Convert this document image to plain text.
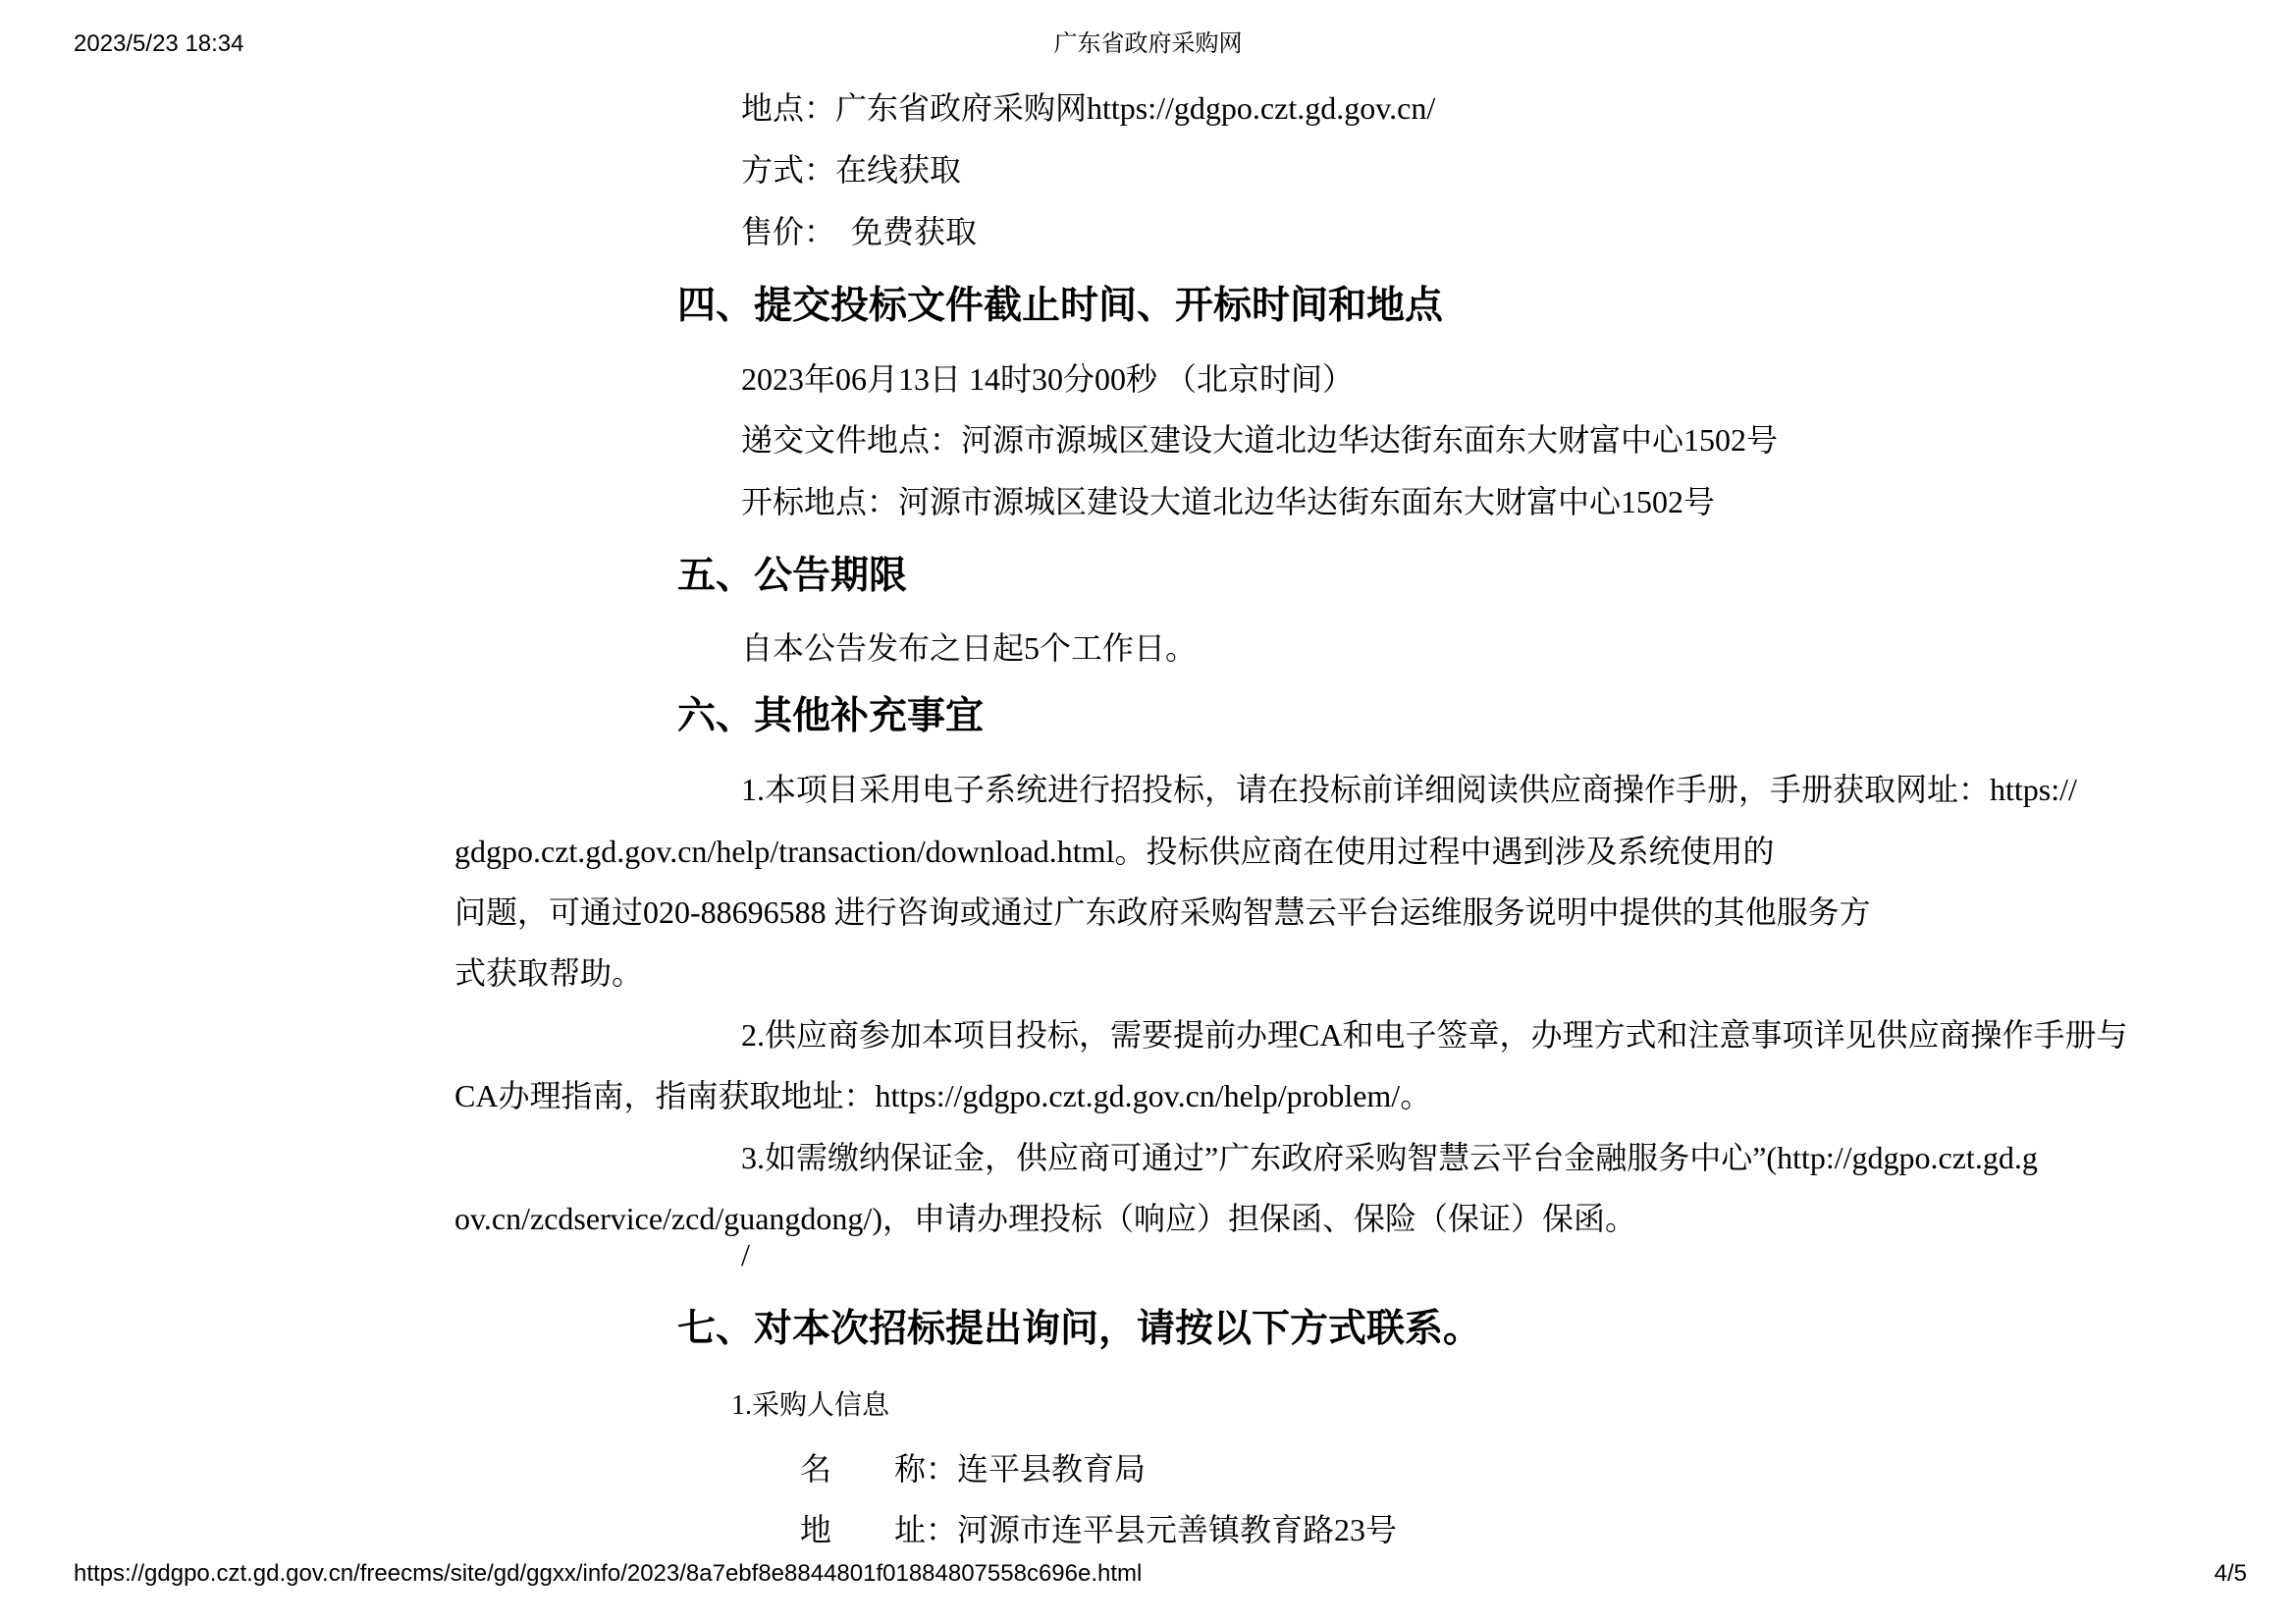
2023/5/23 18:34	广东省政府采购网
地点：广东省政府采购网https://gdgpo.czt.gd.gov.cn/
方式：在线获取
售价：　免费获取
四、提交投标文件截止时间、开标时间和地点
2023年06月13日 14时30分00秒 （北京时间）
递交文件地点：河源市源城区建设大道北边华达街东面东大财富中心1502号
开标地点：河源市源城区建设大道北边华达街东面东大财富中心1502号
五、公告期限
自本公告发布之日起5个工作日。
六、其他补充事宜
1.本项目采用电子系统进行招投标，请在投标前详细阅读供应商操作手册，手册获取网址：https://
gdgpo.czt.gd.gov.cn/help/transaction/download.html。投标供应商在使用过程中遇到涉及系统使用的
问题，可通过020-88696588 进行咨询或通过广东政府采购智慧云平台运维服务说明中提供的其他服务方
式获取帮助。
2.供应商参加本项目投标，需要提前办理CA和电子签章，办理方式和注意事项详见供应商操作手册与
CA办理指南，指南获取地址：https://gdgpo.czt.gd.gov.cn/help/problem/。
3.如需缴纳保证金，供应商可通过”广东政府采购智慧云平台金融服务中心”(http://gdgpo.czt.gd.g
ov.cn/zcdservice/zcd/guangdong/)，申请办理投标（响应）担保函、保险（保证）保函。
/
七、对本次招标提出询问，请按以下方式联系。
1.采购人信息
名　　称：连平县教育局
地　　址：河源市连平县元善镇教育路23号
https://gdgpo.czt.gd.gov.cn/freecms/site/gd/ggxx/info/2023/8a7ebf8e8844801f01884807558c696e.html	4/5
